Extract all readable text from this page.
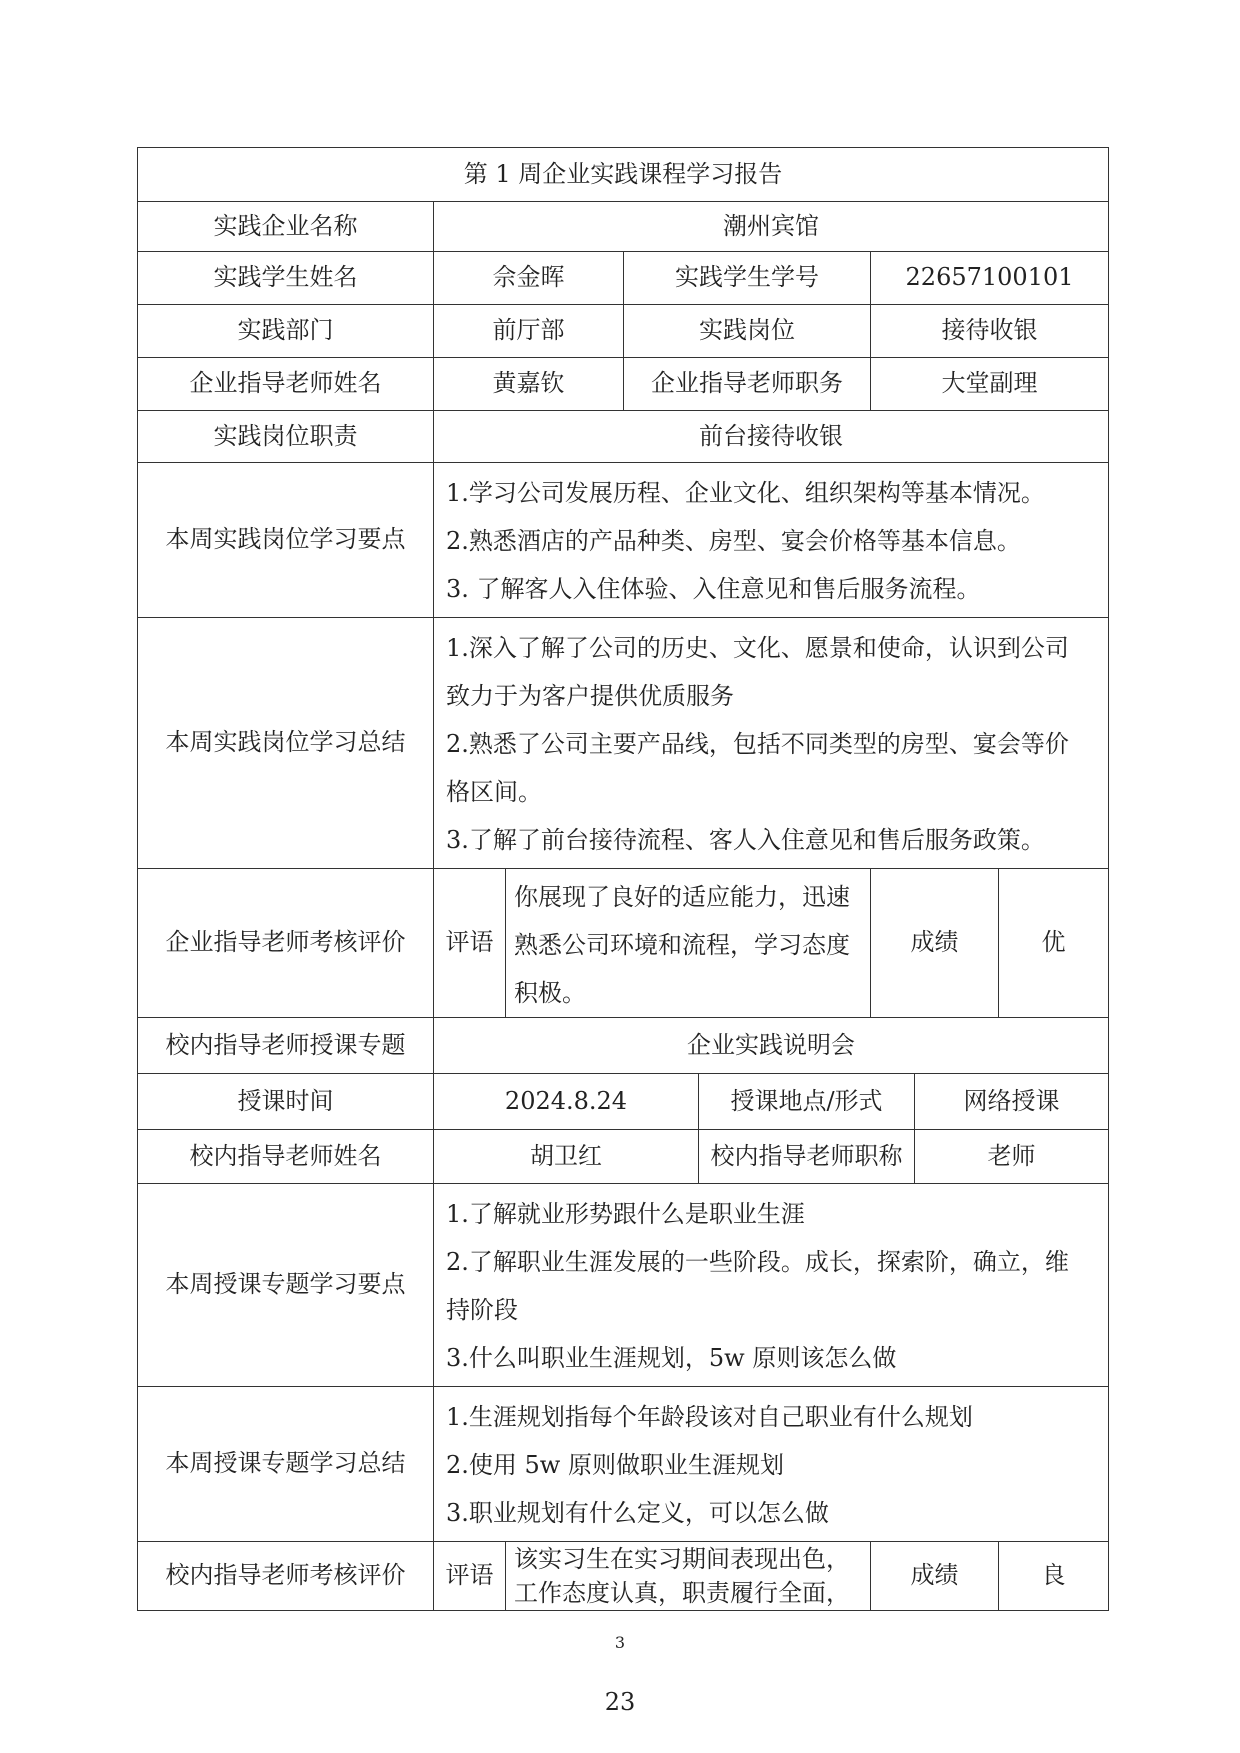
第 1 周企业实践课程学习报告							
实践企业名称	潮州宾馆						
实践学生姓名	佘金晖		实践学生学号		22657100101		
实践部门	前厅部		实践岗位		接待收银		
企业指导老师姓名	黄嘉钦		企业指导老师职务		大堂副理		
实践岗位职责	前台接待收银						
本周实践岗位学习要点	1.学习公司发展历程、企业文化、组织架构等基本情况。
2.熟悉酒店的产品种类、房型、宴会价格等基本信息。
3. 了解客人入住体验、入住意见和售后服务流程。						

本周实践岗位学习总结	1.深入了解了公司的历史、文化、愿景和使命，认识到公司
致力于为客户提供优质服务
2.熟悉了公司主要产品线，包括不同类型的房型、宴会等价
格区间。
3.了解了前台接待流程、客人入住意见和售后服务政策。						

企业指导老师考核评价	评语	你展现了良好的适应能力，迅速
熟悉公司环境和流程，学习态度
积极。			成绩		优
校内指导老师授课专题	企业实践说明会						
授课时间	2024.8.24			授课地点/形式		网络授课	
校内指导老师姓名	胡卫红			校内指导老师职称		老师	
本周授课专题学习要点	1.了解就业形势跟什么是职业生涯
2.了解职业生涯发展的一些阶段。成长，探索阶，确立，维
持阶段
3.什么叫职业生涯规划，5w 原则该怎么做						

本周授课专题学习总结	1.生涯规划指每个年龄段该对自己职业有什么规划
2.使用 5w 原则做职业生涯规划
3.职业规划有什么定义，可以怎么做						

校内指导老师考核评价	评语	该实习生在实习期间表现出色，
工作态度认真，职责履行全面，			成绩		良
3
23
